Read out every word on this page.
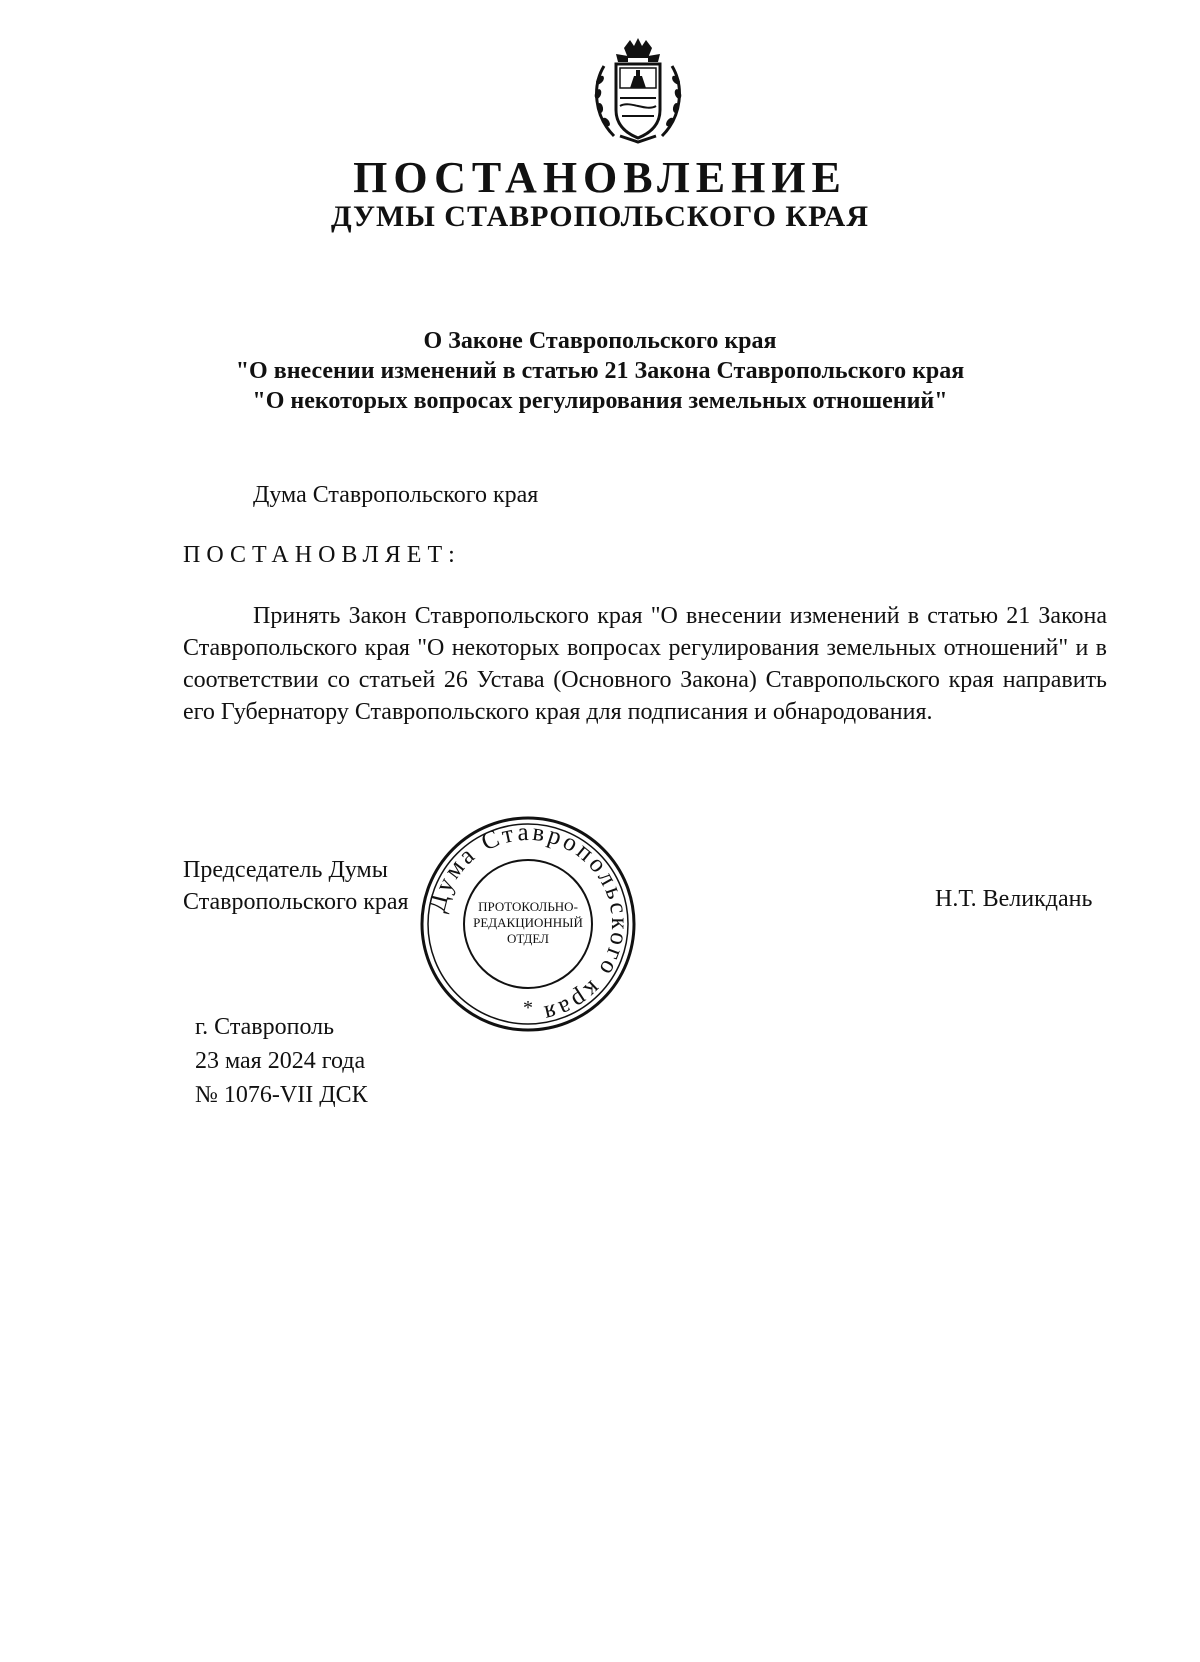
ПОСТАНОВЛЕНИЕ
ДУМЫ СТАВРОПОЛЬСКОГО КРАЯ
О Законе Ставропольского края
"О внесении изменений в статью 21 Закона Ставропольского края
"О некоторых вопросах регулирования земельных отношений"
Дума Ставропольского края
ПОСТАНОВЛЯЕТ:

Принять Закон Ставропольского края "О внесении изменений в статью 21 Закона Ставропольского края "О некоторых вопросах регулирования земельных отношений" и в соответствии со статьей 26 Устава (Основного Закона) Ставропольского края направить его Губернатору Ставропольского края для подписания и обнародования.

Председатель Думы
Ставропольского края	Н.Т. Великдань
Дума Ставропольского края
ПРОТОКОЛЬНО-
РЕДАКЦИОННЫЙ
ОТДЕЛ
*
г. Ставрополь
23 мая 2024 года
№ 1076-VII ДСК
